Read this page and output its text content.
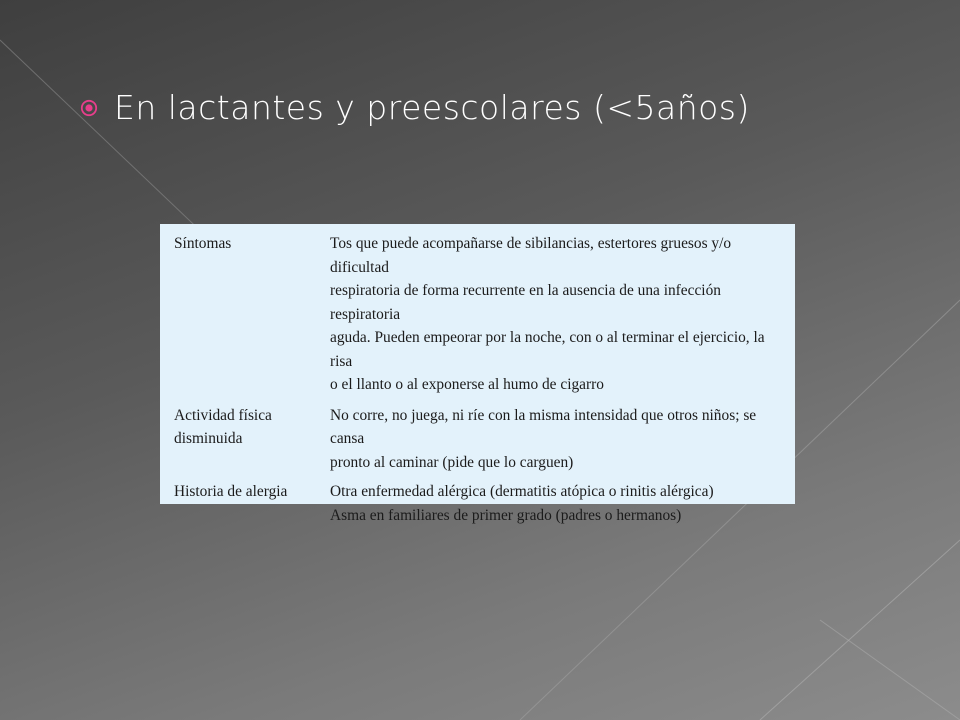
En lactantes y preescolares (<5años)
Síntomas	Tos que puede acompañarse de sibilancias, estertores gruesos y/o dificultad
respiratoria de forma recurrente en la ausencia de una infección respiratoria
aguda. Pueden empeorar por la noche, con o al terminar el ejercicio, la risa
o el llanto o al exponerse al humo de cigarro
Actividad física disminuida
No corre, no juega, ni ríe con la misma intensidad que otros niños; se cansa
pronto al caminar (pide que lo carguen)
Historia de alergia	Otra enfermedad alérgica (dermatitis atópica o rinitis alérgica)
Asma en familiares de primer grado (padres o hermanos)
